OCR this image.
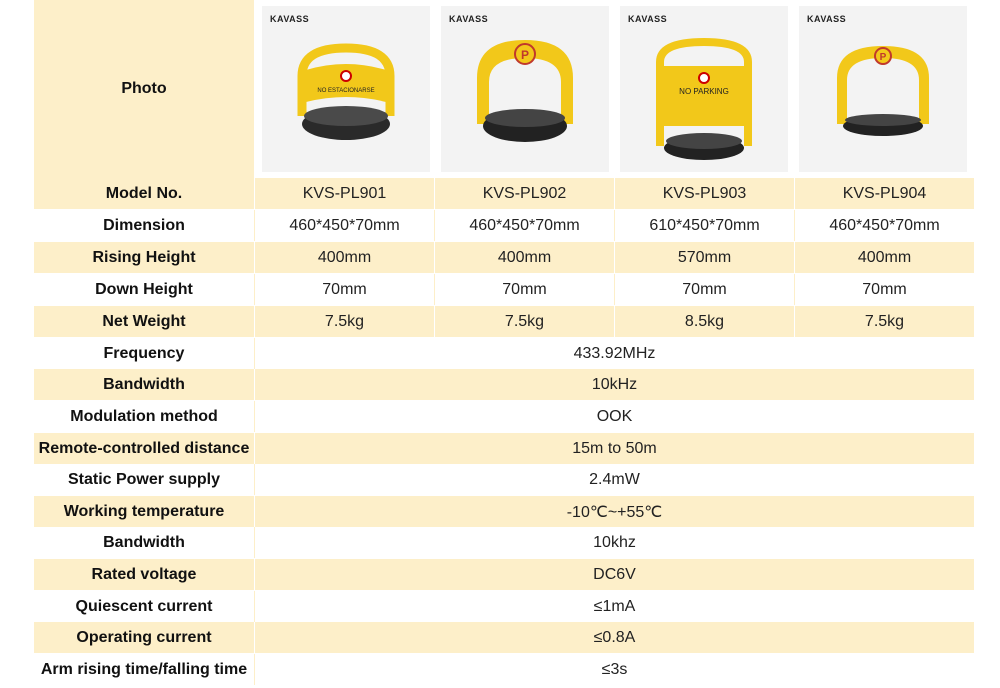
Photo
KAVASS
NO ESTACIONARSE
KAVASS
P
KAVASS
NO PARKING
KAVASS
P
Model No.	KVS-PL901	KVS-PL902	KVS-PL903	KVS-PL904
Dimension	460*450*70mm	460*450*70mm	610*450*70mm	460*450*70mm
Rising Height	400mm	400mm	570mm	400mm
Down Height	70mm	70mm	70mm	70mm
Net Weight	7.5kg	7.5kg	8.5kg	7.5kg
Frequency	433.92MHz
Bandwidth	10kHz
Modulation method	OOK
Remote-controlled distance	15m to 50m
Static Power supply	2.4mW
Working temperature	-10℃~+55℃
Bandwidth	10khz
Rated voltage	DC6V
Quiescent current	≤1mA
Operating current	≤0.8A
Arm rising time/falling time	≤3s
